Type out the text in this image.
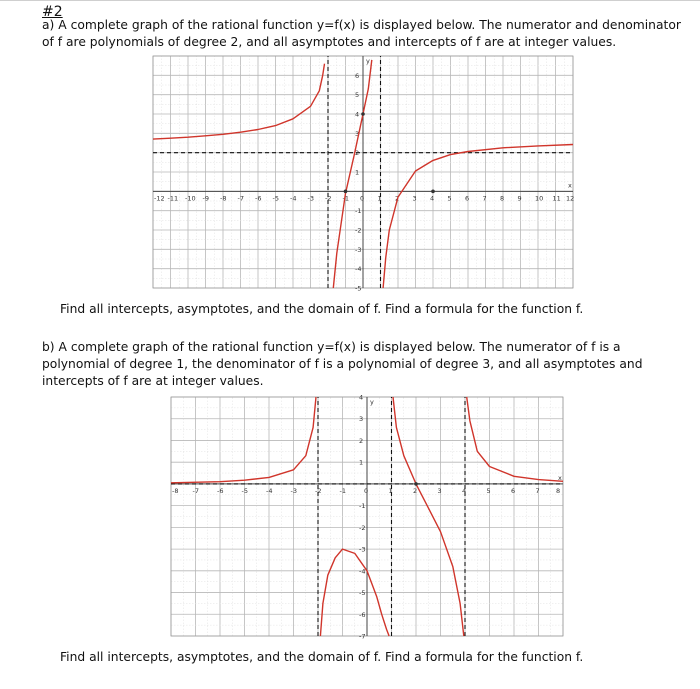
#2
a) A complete graph of the rational function y=f(x) is displayed below. The numerator and denominator of f are polynomials of degree 2, and all asymptotes and intercepts of f are at integer values.
-12 -11 -10 -9 -8 -7 -6 -5 -4 -3 -2 -1 0 1 2 3 4 5 6 7 8 9 10 11 12
-5
-4
-3
-2
-1
1
2
3
4
5
6
x
y
Find all intercepts, asymptotes, and the domain of f. Find a formula for the function f.
b) A complete graph of the rational function y=f(x) is displayed below. The numerator of f is a polynomial of degree 1, the denominator of f is a polynomial of degree 3, and all asymptotes and intercepts of f are at integer values.
-8 -7	-6	-5	-4	-3	-2	-1	0	1	2	3	4	5	6	7	8
-7
-6
-5
-4
-3
-2
-1
1
2
3
4
x
y
Find all intercepts, asymptotes, and the domain of f. Find a formula for the function f.
